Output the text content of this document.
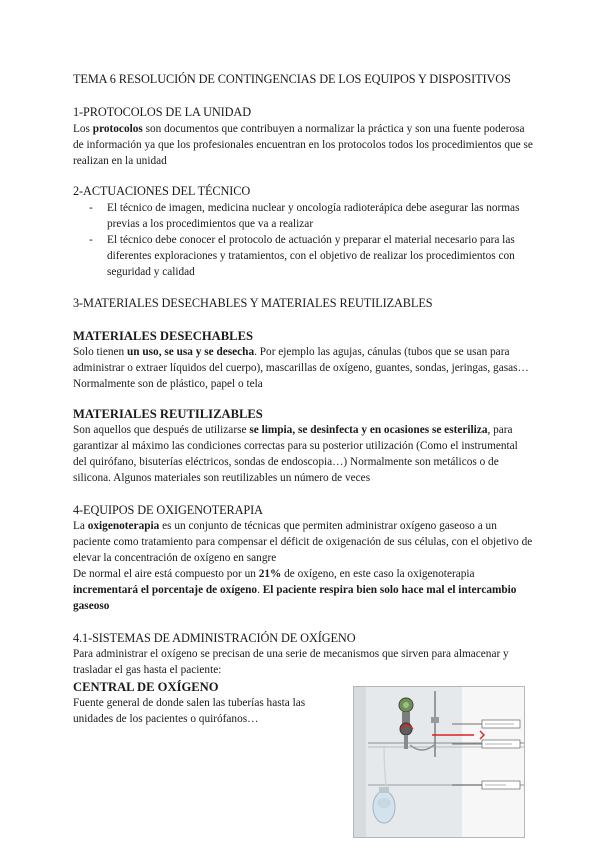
TEMA 6 RESOLUCIÓN DE CONTINGENCIAS DE LOS EQUIPOS Y DISPOSITIVOS
1-PROTOCOLOS DE LA UNIDAD

Los protocolos son documentos que contribuyen a normalizar la práctica y son una fuente poderosa de información ya que los profesionales encuentran en los protocolos todos los procedimientos que se realizan en la unidad

2-ACTUACIONES DEL TÉCNICO
- El técnico de imagen, medicina nuclear y oncología radioterápica debe asegurar las normas previas a los procedimientos que va a realizar
- El técnico debe conocer el protocolo de actuación y preparar el material necesario para las diferentes exploraciones y tratamientos, con el objetivo de realizar los procedimientos con seguridad y calidad
3-MATERIALES DESECHABLES Y MATERIALES REUTILIZABLES
MATERIALES DESECHABLES

Solo tienen un uso, se usa y se desecha. Por ejemplo las agujas, cánulas (tubos que se usan para administrar o extraer líquidos del cuerpo), mascarillas de oxígeno, guantes, sondas, jeringas, gasas… Normalmente son de plástico, papel o tela

MATERIALES REUTILIZABLES

Son aquellos que después de utilizarse se limpia, se desinfecta y en ocasiones se esteriliza, para garantizar al máximo las condiciones correctas para su posterior utilización (Como el instrumental del quirófano, bisuterías eléctricos, sondas de endoscopia…) Normalmente son metálicos o de silicona. Algunos materiales son reutilizables un número de veces

4-EQUIPOS DE OXIGENOTERAPIA

La oxigenoterapia es un conjunto de técnicas que permiten administrar oxígeno gaseoso a un paciente como tratamiento para compensar el déficit de oxigenación de sus células, con el objetivo de elevar la concentración de oxígeno en sangre

De normal el aire está compuesto por un 21% de oxígeno, en este caso la oxigenoterapia incrementará el porcentaje de oxígeno. El paciente respira bien solo hace mal el intercambio gaseoso

4.1-SISTEMAS DE ADMINISTRACIÓN DE OXÍGENO

Para administrar el oxígeno se precisan de una serie de mecanismos que sirven para almacenar y trasladar el gas hasta el paciente:

CENTRAL DE OXÍGENO

Fuente general de donde salen las tuberías hasta las unidades de los pacientes o quirófanos…
